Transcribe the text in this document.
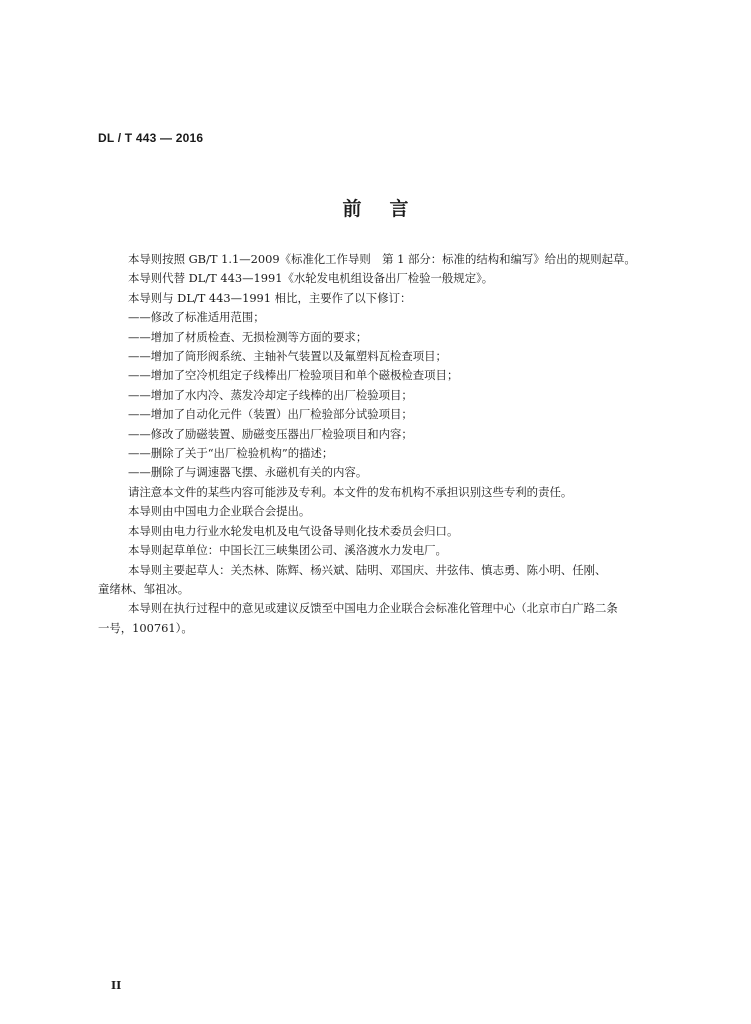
DL / T 443 — 2016
前言

本导则按照 GB/T 1.1—2009《标准化工作导则　第 1 部分：标准的结构和编写》给出的规则起草。

本导则代替 DL/T 443—1991《水轮发电机组设备出厂检验一般规定》。

本导则与 DL/T 443—1991 相比，主要作了以下修订：

——修改了标准适用范围；

——增加了材质检查、无损检测等方面的要求；

——增加了筒形阀系统、主轴补气装置以及氟塑料瓦检查项目；

——增加了空冷机组定子线棒出厂检验项目和单个磁极检查项目；

——增加了水内冷、蒸发冷却定子线棒的出厂检验项目；

——增加了自动化元件（装置）出厂检验部分试验项目；

——修改了励磁装置、励磁变压器出厂检验项目和内容；

——删除了关于“出厂检验机构”的描述；

——删除了与调速器飞摆、永磁机有关的内容。

请注意本文件的某些内容可能涉及专利。本文件的发布机构不承担识别这些专利的责任。

本导则由中国电力企业联合会提出。

本导则由电力行业水轮发电机及电气设备导则化技术委员会归口。

本导则起草单位：中国长江三峡集团公司、溪洛渡水力发电厂。

本导则主要起草人：关杰林、陈辉、杨兴斌、陆明、邓国庆、井弦伟、慎志勇、陈小明、任刚、

童绪林、邹祖冰。

本导则在执行过程中的意见或建议反馈至中国电力企业联合会标准化管理中心（北京市白广路二条

一号，100761）。

II
